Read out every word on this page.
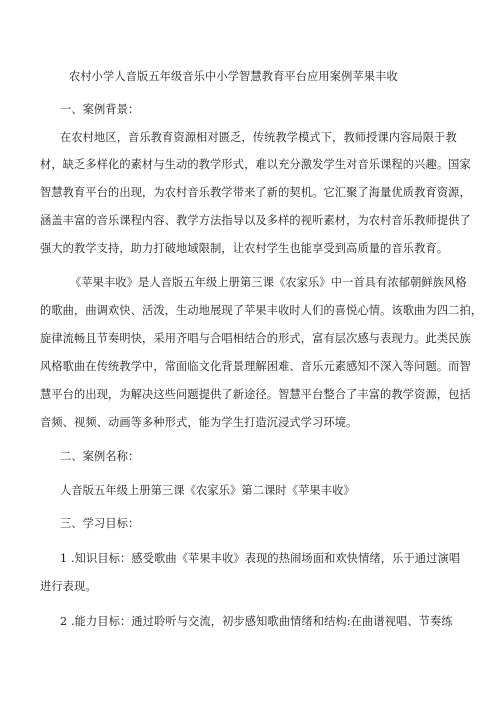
农村小学人音版五年级音乐中小学智慧教育平台应用案例苹果丰收
一、案例背景：
在农村地区，音乐教育资源相对匮乏，传统教学模式下，教师授课内容局限于教
材，缺乏多样化的素材与生动的教学形式，难以充分激发学生对音乐课程的兴趣。国家
智慧教育平台的出现，为农村音乐教学带来了新的契机。它汇聚了海量优质教育资源，
涵盖丰富的音乐课程内容、教学方法指导以及多样的视听素材，为农村音乐教师提供了
强大的教学支持，助力打破地域限制，让农村学生也能享受到高质量的音乐教育。
《苹果丰收》是人音版五年级上册第三课《农家乐》中一首具有浓郁朝鲜族风格
的歌曲，曲调欢快、活泼，生动地展现了苹果丰收时人们的喜悦心情。该歌曲为四二拍，
旋律流畅且节奏明快，采用齐唱与合唱相结合的形式，富有层次感与表现力。此类民族
风格歌曲在传统教学中，常面临文化背景理解困难、音乐元素感知不深入等问题。而智
慧平台的出现，为解决这些问题提供了新途径。智慧平台整合了丰富的教学资源，包括
音频、视频、动画等多种形式，能为学生打造沉浸式学习环境。
二、案例名称：
人音版五年级上册第三课《农家乐》第二课时《苹果丰收》
三、学习目标：
1 .知识目标：感受歌曲《苹果丰收》表现的热闹场面和欢快情绪，乐于通过演唱
进行表现。
2 .能力目标：通过聆听与交流，初步感知歌曲情绪和结构:在曲谱视唱、节奏练
